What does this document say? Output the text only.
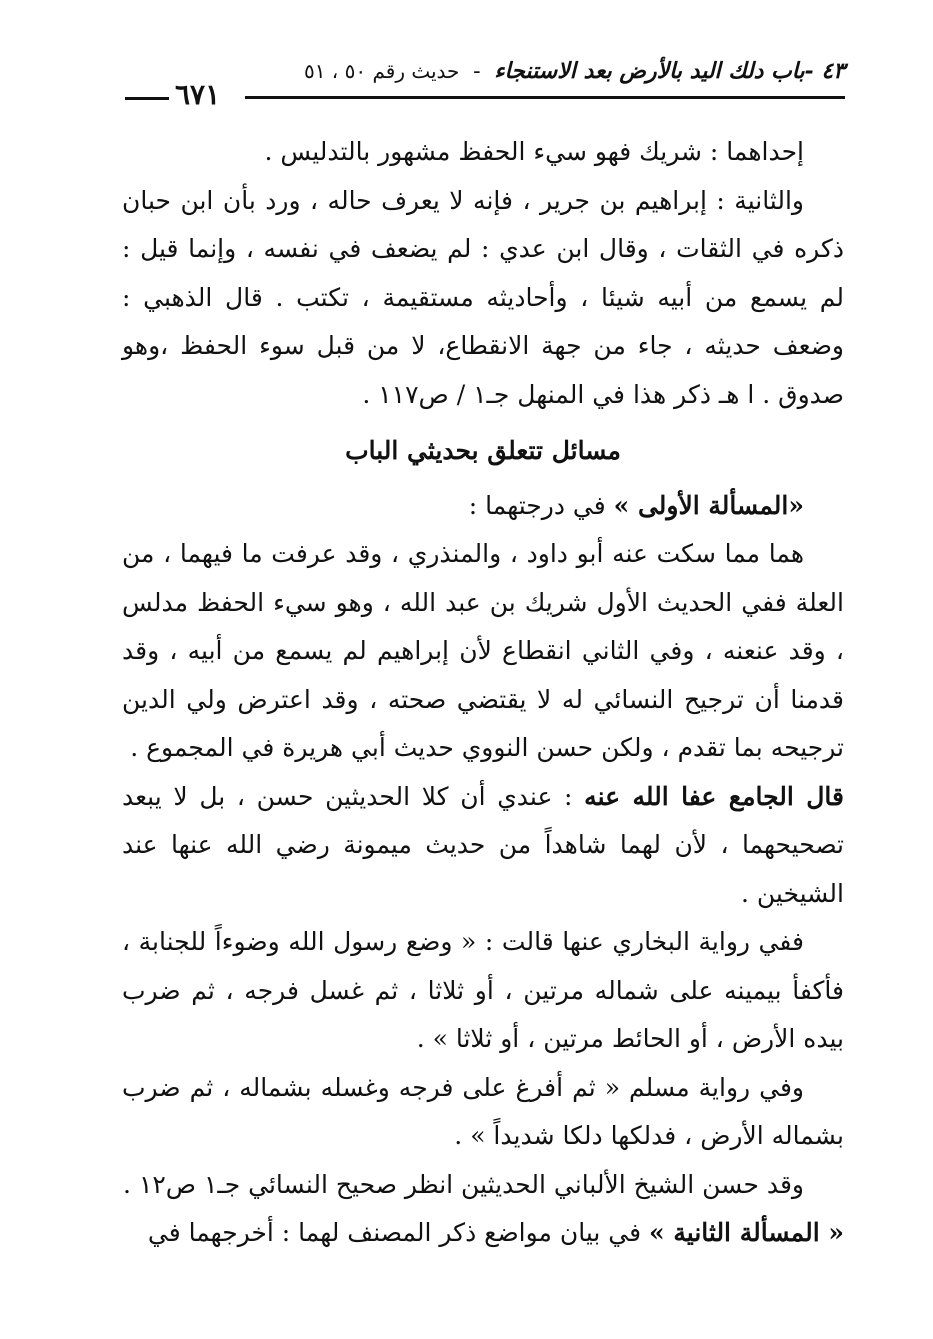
٤٣ -باب دلك اليد بالأرض بعد الاستنجاء - حديث رقم ٥٠ ، ٥١
٦٧١

إحداهما : شريك فهو سيء الحفظ مشهور بالتدليس .

والثانية : إبراهيم بن جرير ، فإنه لا يعرف حاله ، ورد بأن ابن حبان ذكره في الثقات ، وقال ابن عدي : لم يضعف في نفسه ، وإنما قيل : لم يسمع من أبيه شيئا ، وأحاديثه مستقيمة ، تكتب . قال الذهبي : وضعف حديثه ، جاء من جهة الانقطاع، لا من قبل سوء الحفظ ،وهو صدوق . ا هـ ذكر هذا في المنهل جـ١ / ص١١٧ .

مسائل تتعلق بحديثي الباب

«المسألة الأولى » في درجتهما :

هما مما سكت عنه أبو داود ، والمنذري ، وقد عرفت ما فيهما ، من العلة ففي الحديث الأول شريك بن عبد الله ، وهو سيء الحفظ مدلس ، وقد عنعنه ، وفي الثاني انقطاع لأن إبراهيم لم يسمع من أبيه ، وقد قدمنا أن ترجيح النسائي له لا يقتضي صحته ، وقد اعترض ولي الدين ترجيحه بما تقدم ، ولكن حسن النووي حديث أبي هريرة في المجموع .

قال الجامع عفا الله عنه : عندي أن كلا الحديثين حسن ، بل لا يبعد تصحيحهما ، لأن لهما شاهداً من حديث ميمونة رضي الله عنها عند الشيخين .

ففي رواية البخاري عنها قالت : « وضع رسول الله وضوءاً للجنابة ، فأكفأ بيمينه على شماله مرتين ، أو ثلاثا ، ثم غسل فرجه ، ثم ضرب بيده الأرض ، أو الحائط مرتين ، أو ثلاثا » .

وفي رواية مسلم « ثم أفرغ على فرجه وغسله بشماله ، ثم ضرب بشماله الأرض ، فدلكها دلكا شديداً » .

وقد حسن الشيخ الألباني الحديثين انظر صحيح النسائي جـ١ ص١٢ .

« المسألة الثانية » في بيان مواضع ذكر المصنف لهما : أخرجهما في
